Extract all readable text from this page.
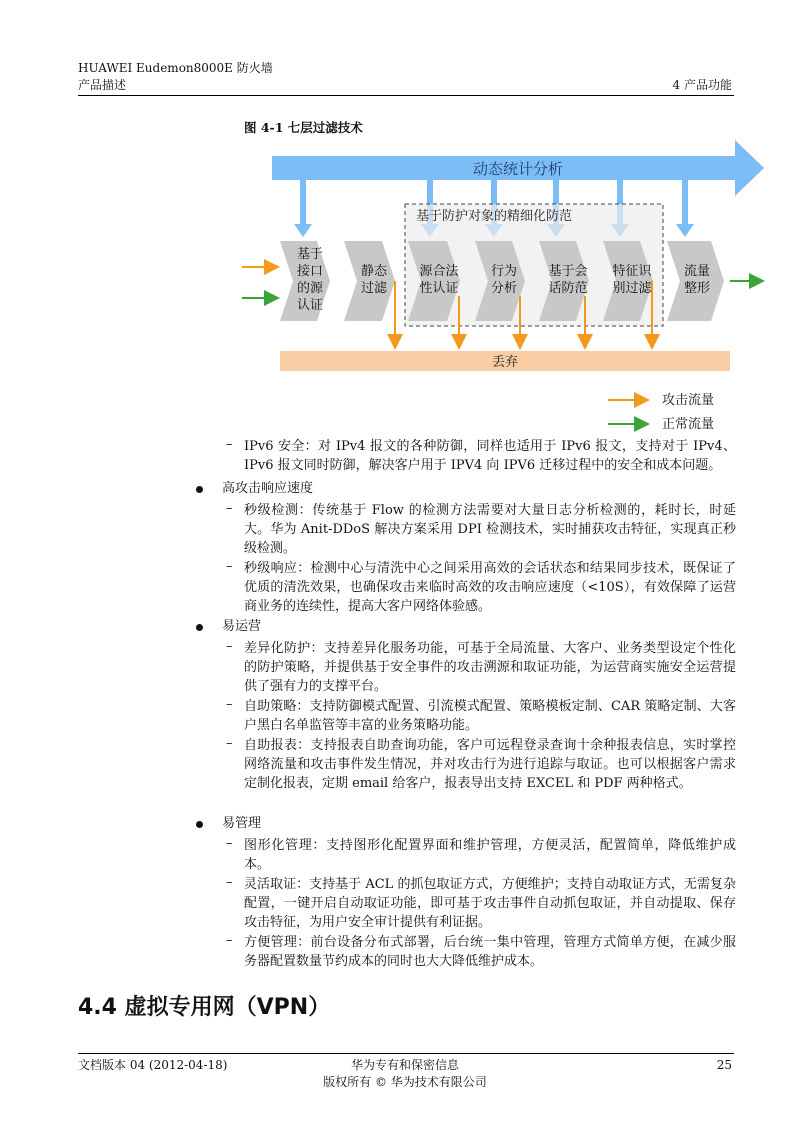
HUAWEI Eudemon8000E 防火墙
产品描述	4 产品功能
图 4-1 七层过滤技术
动态统计分析
基于防护对象的精细化防范
基于
接口
的源
认证
静态
过滤
源合法
性认证
行为
分析
基于会
话防范
特征识
别过滤
流量
整形
丢弃
攻击流量
正常流量
– IPv6 安全：对 IPv4 报文的各种防御，同样也适用于 IPv6 报文，支持对于 IPv4、IPv6 报文同时防御，解决客户用于 IPV4 向 IPV6 迁移过程中的安全和成本问题。
高攻击响应速度
– 秒级检测：传统基于 Flow 的检测方法需要对大量日志分析检测的，耗时长，时延大。华为 Anit-DDoS 解决方案采用 DPI 检测技术，实时捕获攻击特征，实现真正秒级检测。
– 秒级响应：检测中心与清洗中心之间采用高效的会话状态和结果同步技术，既保证了优质的清洗效果，也确保攻击来临时高效的攻击响应速度（<10S），有效保障了运营商业务的连续性，提高大客户网络体验感。
易运营
– 差异化防护：支持差异化服务功能，可基于全局流量、大客户、业务类型设定个性化的防护策略，并提供基于安全事件的攻击溯源和取证功能，为运营商实施安全运营提供了强有力的支撑平台。
– 自助策略：支持防御模式配置、引流模式配置、策略模板定制、CAR 策略定制、大客户黑白名单监管等丰富的业务策略功能。
– 自助报表：支持报表自助查询功能，客户可远程登录查询十余种报表信息，实时掌控网络流量和攻击事件发生情况，并对攻击行为进行追踪与取证。也可以根据客户需求定制化报表，定期 email 给客户，报表导出支持 EXCEL 和 PDF 两种格式。
易管理
– 图形化管理：支持图形化配置界面和维护管理，方便灵活，配置简单，降低维护成本。
– 灵活取证：支持基于 ACL 的抓包取证方式，方便维护；支持自动取证方式，无需复杂配置，一键开启自动取证功能，即可基于攻击事件自动抓包取证，并自动提取、保存攻击特征，为用户安全审计提供有利证据。
– 方便管理：前台设备分布式部署，后台统一集中管理，管理方式简单方便，在减少服务器配置数量节约成本的同时也大大降低维护成本。
4.4 虚拟专用网（VPN）
文档版本 04 (2012-04-18)	华为专有和保密信息
版权所有 © 华为技术有限公司
25
